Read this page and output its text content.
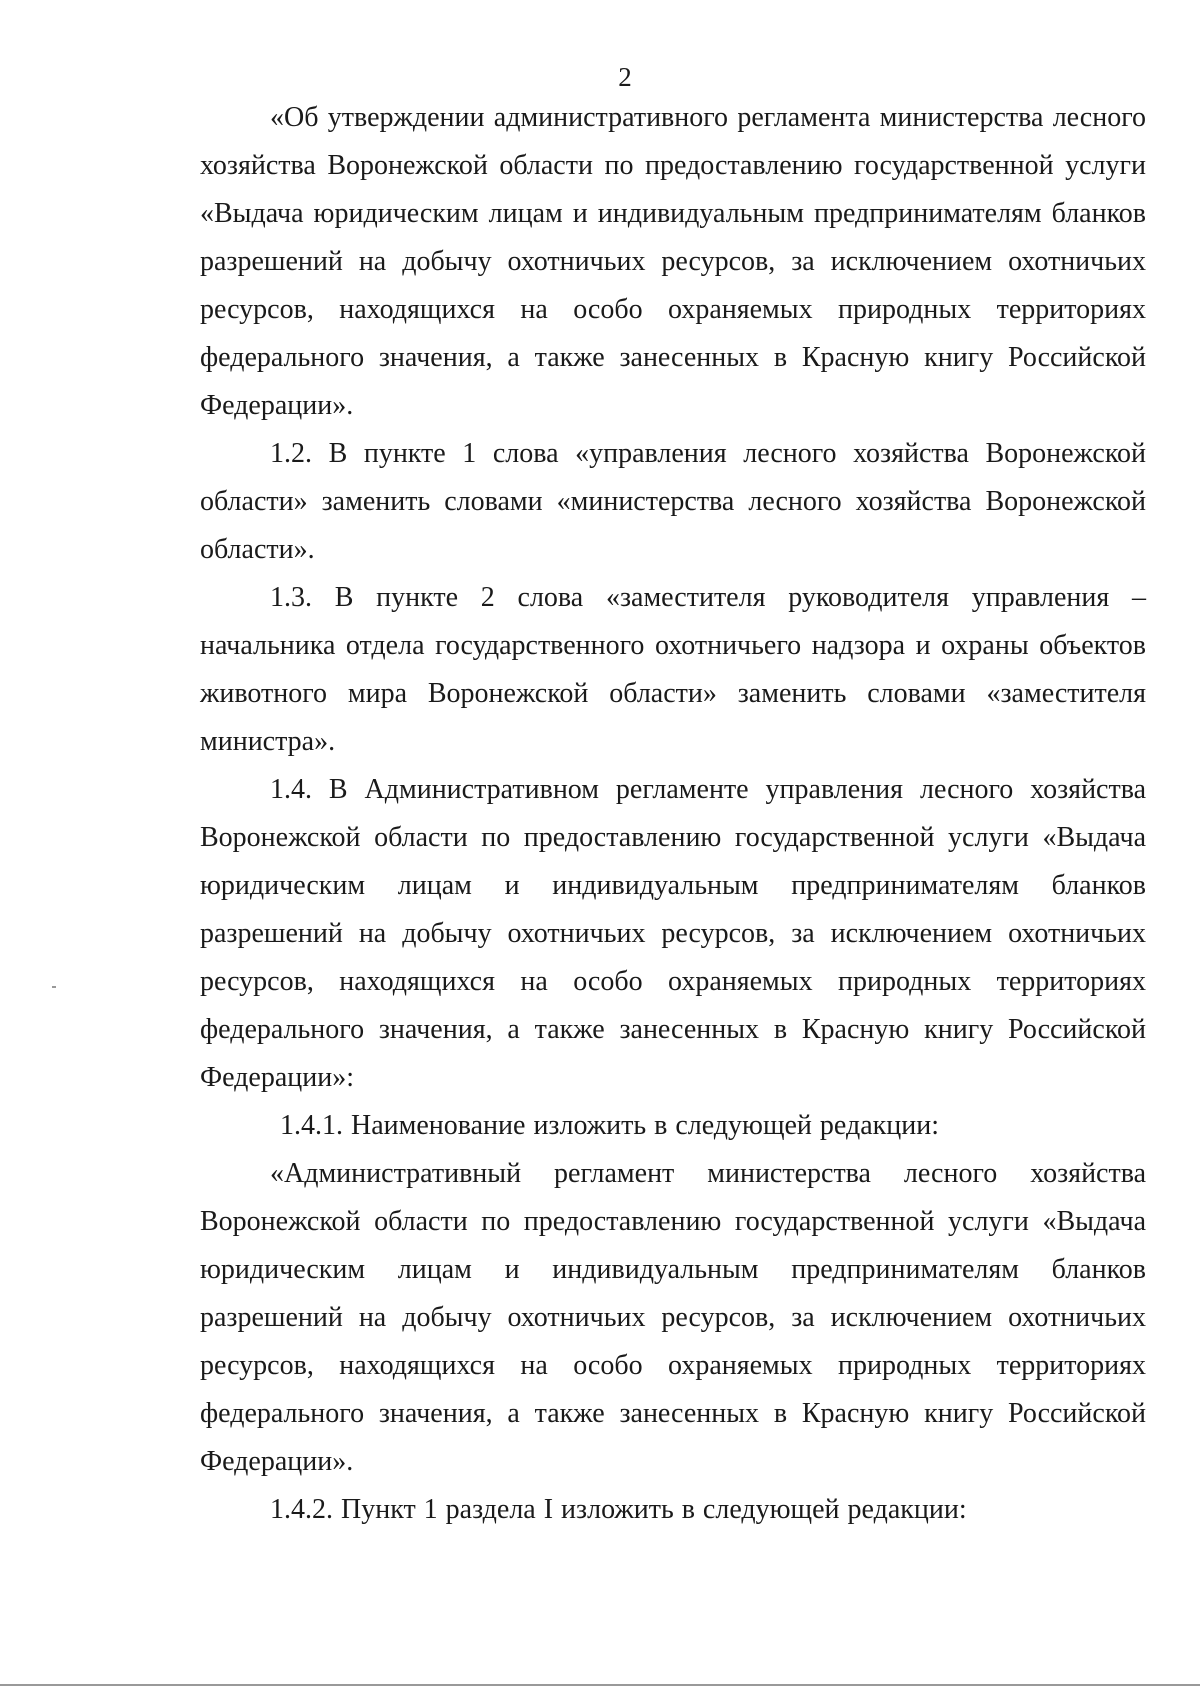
2

«Об утверждении административного регламента министерства лесного хозяйства Воронежской области по предоставлению государственной услуги «Выдача юридическим лицам и индивидуальным предпринимателям бланков разрешений на добычу охотничьих ресурсов, за исключением охотничьих ресурсов, находящихся на особо охраняемых природных территориях федерального значения, а также занесенных в Красную книгу Российской Федерации».

1.2. В пункте 1 слова «управления лесного хозяйства Воронежской области» заменить словами «министерства лесного хозяйства Воронежской области».

1.3. В пункте 2 слова «заместителя руководителя управления – начальника отдела государственного охотничьего надзора и охраны объектов животного мира Воронежской области» заменить словами «заместителя министра».

1.4. В Административном регламенте управления лесного хозяйства Воронежской области по предоставлению государственной услуги «Выдача юридическим лицам и индивидуальным предпринимателям бланков разрешений на добычу охотничьих ресурсов, за исключением охотничьих ресурсов, находящихся на особо охраняемых природных территориях федерального значения, а также занесенных в Красную книгу Российской Федерации»:

1.4.1. Наименование изложить в следующей редакции:

«Административный регламент министерства лесного хозяйства Воронежской области по предоставлению государственной услуги «Выдача юридическим лицам и индивидуальным предпринимателям бланков разрешений на добычу охотничьих ресурсов, за исключением охотничьих ресурсов, находящихся на особо охраняемых природных территориях федерального значения, а также занесенных в Красную книгу Российской Федерации».

1.4.2. Пункт 1 раздела I изложить в следующей редакции:
